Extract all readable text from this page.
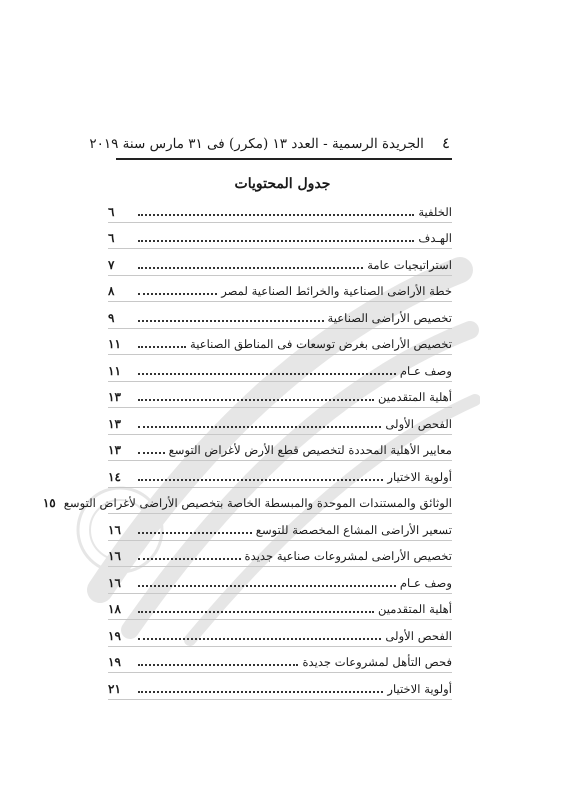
٤
الجريدة الرسمية - العدد ١٣ (مكرر) فى ٣١ مارس سنة ٢٠١٩
جدول المحتويات
الخلفية
٦
الهـدف
٦
استراتيجيات عامة
٧
خطة الأراضى الصناعية والخرائط الصناعية لمصر
٨
تخصيص الأراضى الصناعية
٩
تخصيص الأراضى بغرض توسعات فى المناطق الصناعية
١١
وصف عـام
١١
أهلية المتقدمين
١٣
الفحص الأولى
١٣
معايير الأهلية المحددة لتخصيص قطع الأرض لأغراض التوسع
١٣
أولوية الاختيار
١٤
الوثائق والمستندات الموحدة والمبسطة الخاصة بتخصيص الأراضى لأغراض التوسع
١٥
تسعير الأراضى المشاع المخصصة للتوسع
١٦
تخصيص الأراضى لمشروعات صناعية جديدة
١٦
وصف عـام
١٦
أهلية المتقدمين
١٨
الفحص الأولى
١٩
فحص التأهل لمشروعات جديدة
١٩
أولوية الاختيار
٢١
